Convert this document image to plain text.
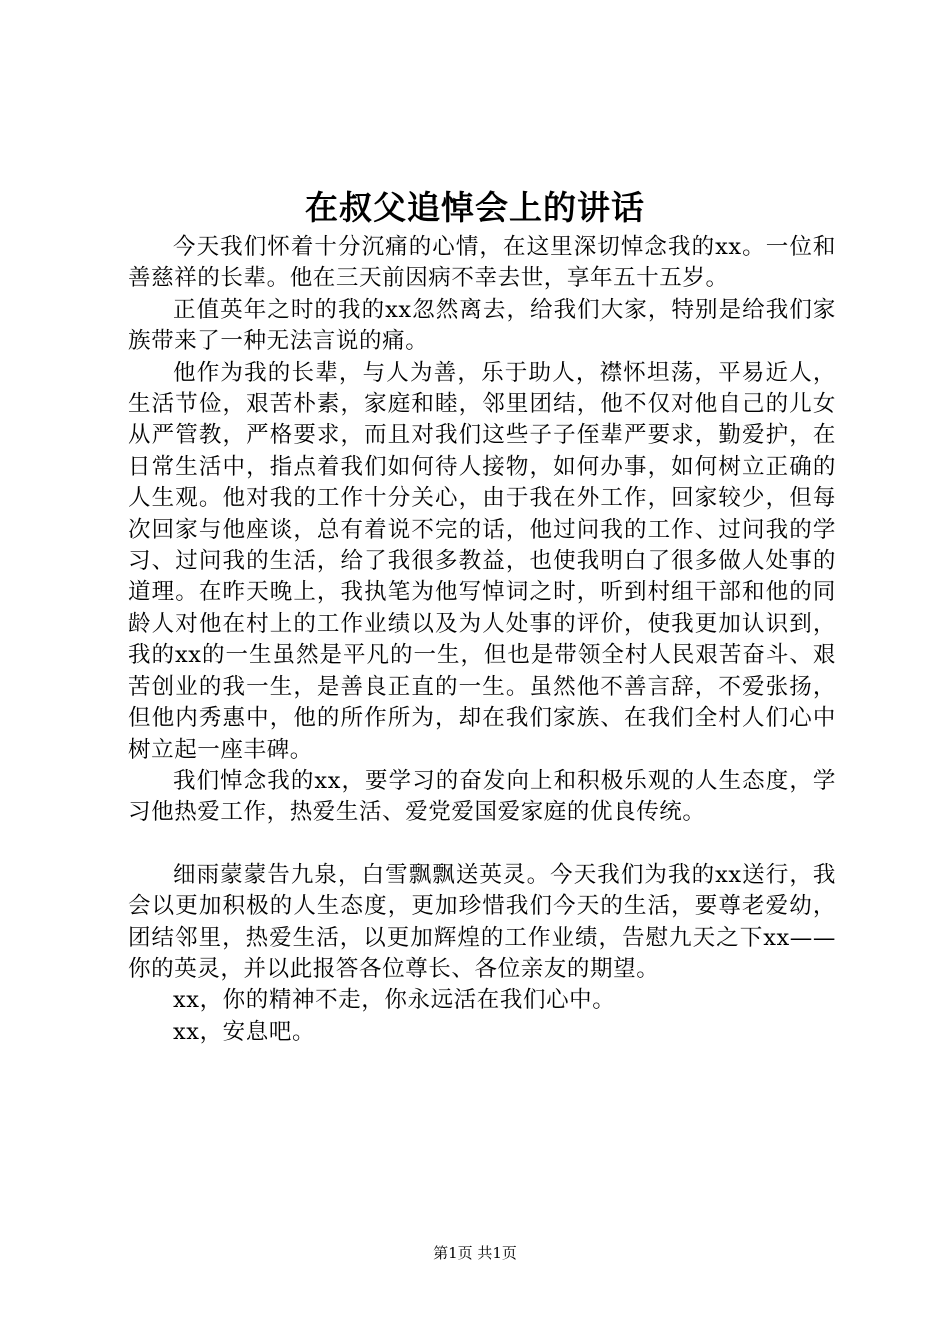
在叔父追悼会上的讲话

今天我们怀着十分沉痛的心情，在这里深切悼念我的xx。一位和善慈祥的长辈。他在三天前因病不幸去世，享年五十五岁。

正值英年之时的我的xx忽然离去，给我们大家，特别是给我们家族带来了一种无法言说的痛。

他作为我的长辈，与人为善，乐于助人，襟怀坦荡，平易近人，生活节俭，艰苦朴素，家庭和睦，邻里团结，他不仅对他自己的儿女从严管教，严格要求，而且对我们这些子子侄辈严要求，勤爱护，在日常生活中，指点着我们如何待人接物，如何办事，如何树立正确的人生观。他对我的工作十分关心，由于我在外工作，回家较少，但每次回家与他座谈，总有着说不完的话，他过问我的工作、过问我的学习、过问我的生活，给了我很多教益，也使我明白了很多做人处事的道理。在昨天晚上，我执笔为他写悼词之时，听到村组干部和他的同龄人对他在村上的工作业绩以及为人处事的评价，使我更加认识到，我的xx的一生虽然是平凡的一生，但也是带领全村人民艰苦奋斗、艰苦创业的我一生，是善良正直的一生。虽然他不善言辞，不爱张扬，但他内秀惠中，他的所作所为，却在我们家族、在我们全村人们心中树立起一座丰碑。

我们悼念我的xx，要学习的奋发向上和积极乐观的人生态度，学习他热爱工作，热爱生活、爱党爱国爱家庭的优良传统。

细雨蒙蒙告九泉，白雪飘飘送英灵。今天我们为我的xx送行，我会以更加积极的人生态度，更加珍惜我们今天的生活，要尊老爱幼，团结邻里，热爱生活，以更加辉煌的工作业绩，告慰九天之下xx——你的英灵，并以此报答各位尊长、各位亲友的期望。

xx，你的精神不走，你永远活在我们心中。

xx，安息吧。

第1页 共1页
